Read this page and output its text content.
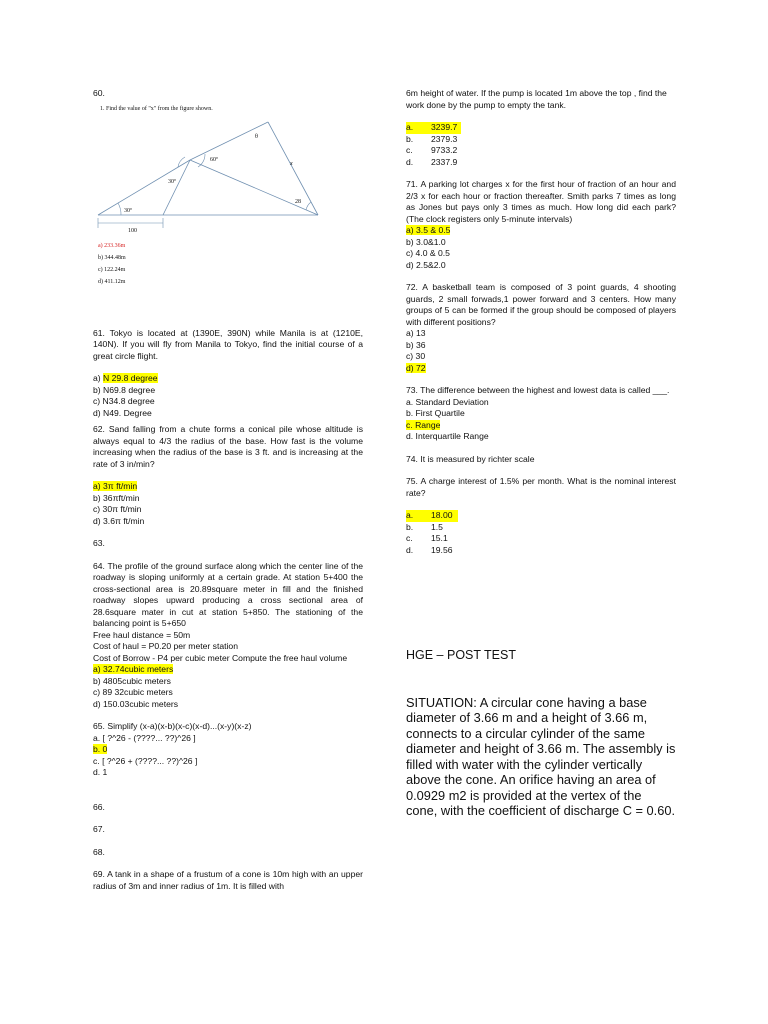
60.

1. Find the value of "x" from the figure shown.
θ
60º
30º
30º
x
28
100
a) 233.36m
b) 344.48m
c) 122.24m
d) 411.12m

61. Tokyo is located at (1390E, 390N) while Manila is at (1210E, 140N). If you will fly from Manila to Tokyo, find the initial course of a great circle flight.

a) N 29.8 degree

b) N69.8 degree

c) N34.8 degree

d) N49. Degree

62. Sand falling from a chute forms a conical pile whose altitude is always equal to 4/3 the radius of the base. How fast is the volume increasing when the radius of the base is 3 ft. and is increasing at the rate of 3 in/min?

a) 3π ft/min

b) 36πft/min

c) 30π ft/min

d) 3.6π ft/min

63.

64. The profile of the ground surface along which the center line of the roadway is sloping uniformly at a certain grade. At station 5+400 the cross-sectional area is 20.89square meter in fill and the finished roadway slopes upward producing a cross sectional area of 28.6square mater in cut at station 5+850. The stationing of the balancing point is 5+650

Free haul distance = 50m

Cost of haul = P0.20 per meter station

Cost of Borrow - P4 per cubic meter Compute the free haul volume

a) 32.74cubic meters

b) 4805cubic meters

c) 89 32cubic meters

d) 150.03cubic meters

65. Simplify (x-a)(x-b)(x-c)(x-d)...(x-y)(x-z)

a. [ ?^26 - (????... ??)^26 ]

b. 0

c. [ ?^26 + (????... ??)^26 ]

d. 1

66.

67.

68.

69. A tank in a shape of a frustum of a cone is 10m high with an upper radius of 3m and inner radius of 1m. It is filled with

6m height of water. If the pump is located 1m above the top , find the work done by the pump to empty the tank.

a.	3239.7
b.	2379.3
c.	9733.2
d.	2337.9

71. A parking lot charges x for the first hour of fraction of an hour and 2/3 x for each hour or fraction thereafter. Smith parks 7 times as long as Jones but pays only 3 times as much. How long did each park? (The clock registers only 5-minute intervals)

a) 3.5 & 0.5

b) 3.0&1.0

c) 4.0 & 0.5

d) 2.5&2.0

72. A basketball team is composed of 3 point guards, 4 shooting guards, 2 small forwads,1 power forward and 3 centers. How many groups of 5 can be formed if the group should be composed of players with different positions?

a) 13

b) 36

c) 30

d) 72

73. The difference between the highest and lowest data is called ___.

a. Standard Deviation

b. First Quartile

c. Range

d. Interquartile Range

74. It is measured by richter scale

75. A charge interest of 1.5% per month. What is the nominal interest rate?

a.	18.00
b.	1.5
c.	15.1
d.	19.56

HGE – POST TEST

SITUATION: A circular cone having a base diameter of 3.66 m and a height of 3.66 m, connects to a circular cylinder of the same diameter and height of 3.66 m. The assembly is filled with water with the cylinder vertically above the cone. An orifice having an area of 0.0929 m2 is provided at the vertex of the cone, with the coefficient of discharge C = 0.60.
